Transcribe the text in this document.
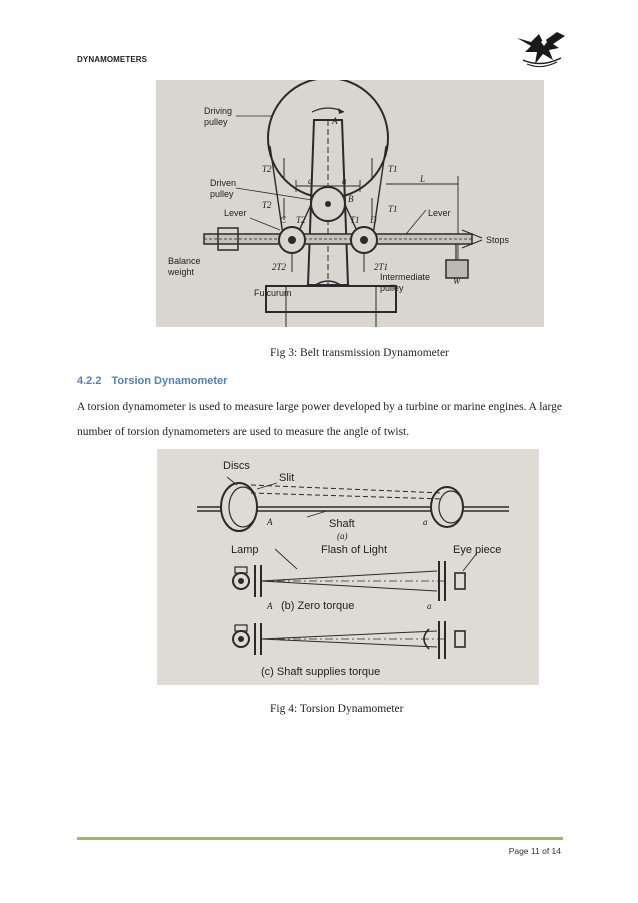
DYNAMOMETERS
Driving
pulley
Driven
pulley
Lever	Lever
Balance
weight
Fulcurum
Intermediate
pulley
Stops
A
B
C	D
L
W
a	a
T2	T1
T2	T1
T2	T1
2T2	2T1
Fig 3: Belt transmission Dynamometer
4.2.2 Torsion Dynamometer
A torsion dynamometer is used to measure large power developed by a turbine or marine engines. A large number of torsion dynamometers are used to measure the angle of twist.
Discs
Slit
Shaft
(a)
A	a
Lamp	Flash of Light	Eye piece
A	a
(b) Zero torque
(c) Shaft supplies torque
Fig 4: Torsion Dynamometer
Page 11 of 14
